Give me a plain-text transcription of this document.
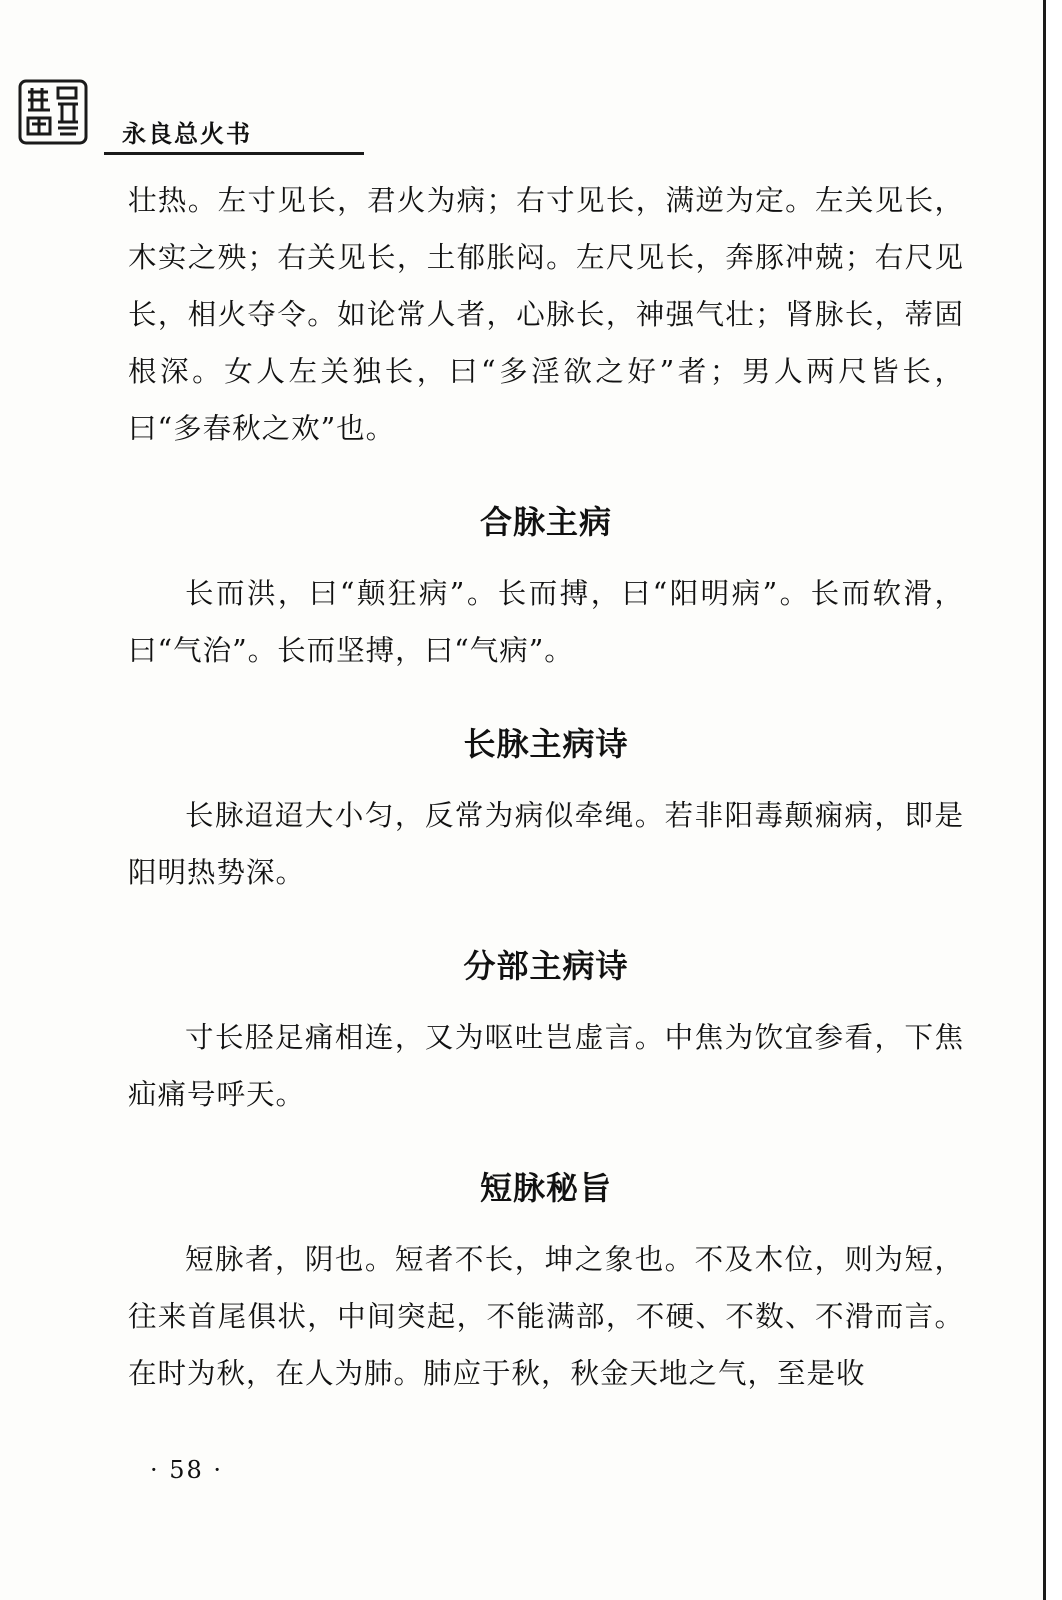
永良总火书

壮热。左寸见长，君火为病；右寸见长，满逆为定。左关见长，木实之殃；右关见长，土郁胀闷。左尺见长，奔豚冲兢；右尺见长，相火夺令。如论常人者，心脉长，神强气壮；肾脉长，蒂固根深。女人左关独长，曰“多淫欲之好”者；男人两尺皆长，曰“多春秋之欢”也。

合脉主病

长而洪，曰“颠狂病”。长而搏，曰“阳明病”。长而软滑，曰“气治”。长而坚搏，曰“气病”。

长脉主病诗

长脉迢迢大小匀，反常为病似牵绳。若非阳毒颠痫病，即是阳明热势深。

分部主病诗

寸长胫足痛相连，又为呕吐岂虚言。中焦为饮宜参看，下焦疝痛号呼天。

短脉秘旨

短脉者，阴也。短者不长，坤之象也。不及木位，则为短，往来首尾俱状，中间突起，不能满部，不硬、不数、不滑而言。在时为秋，在人为肺。肺应于秋，秋金天地之气，至是收

· 58 ·
